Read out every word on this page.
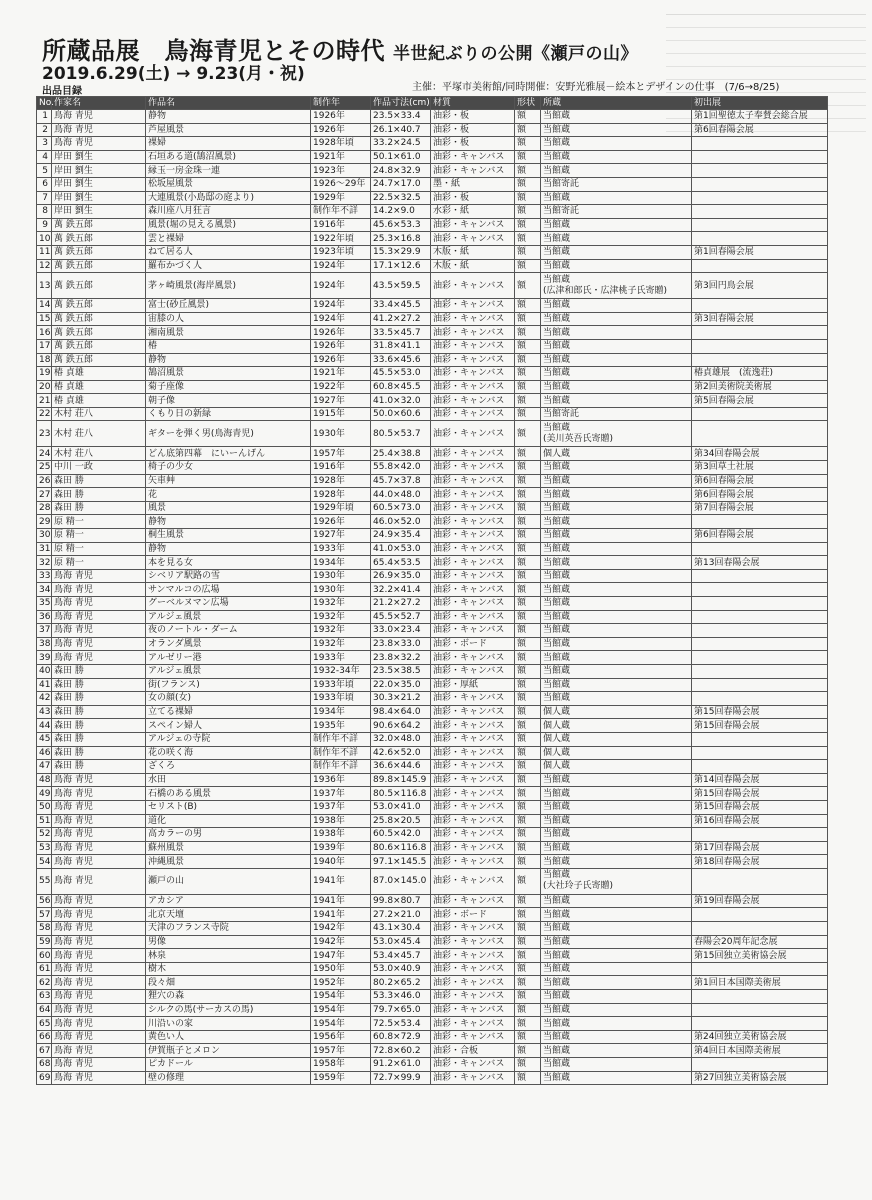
所蔵品展　鳥海青児とその時代 半世紀ぶりの公開《瀬戸の山》
2019.6.29(土) → 9.23(月・祝)
出品目録	主催：平塚市美術館/同時開催：安野光雅展－絵本とデザインの仕事　(7/6→8/25)
No.	作家名	作品名	制作年	作品寸法(cm)	材質	形状	所蔵	初出展
1	鳥海 青児	静物	1926年	23.5×33.4	油彩・板	額	当館蔵	第1回聖徳太子奉賛会総合展
2	鳥海 青児	芦屋風景	1926年	26.1×40.7	油彩・板	額	当館蔵	第6回春陽会展
3	鳥海 青児	裸婦	1928年頃	33.2×24.5	油彩・板	額	当館蔵	
4	岸田 劉生	石垣ある道(鵠沼風景)	1921年	50.1×61.0	油彩・キャンバス	額	当館蔵	
5	岸田 劉生	縁玉一房金珠一連	1923年	24.8×32.9	油彩・キャンバス	額	当館蔵	
6	岸田 劉生	松坂屋風景	1926～29年	24.7×17.0	墨・紙	額	当館寄託	
7	岸田 劉生	大連風景(小島邸の庭より)	1929年	22.5×32.5	油彩・板	額	当館蔵	
8	岸田 劉生	森川座八月狂言	制作年不詳	14.2×9.0	水彩・紙	額	当館寄託	
9	萬 鉄五郎	風景(堀の見える風景)	1916年	45.6×53.3	油彩・キャンバス	額	当館蔵	
10	萬 鉄五郎	雲と裸婦	1922年頃	25.3×16.8	油彩・キャンバス	額	当館蔵	
11	萬 鉄五郎	ねて居る人	1923年頃	15.3×29.9	木版・紙	額	当館蔵	第1回春陽会展
12	萬 鉄五郎	羅布かづく人	1924年	17.1×12.6	木版・紙	額	当館蔵	
13	萬 鉄五郎	茅ヶ崎風景(海岸風景)	1924年	43.5×59.5	油彩・キャンバス	額	当館蔵
(広津和郎氏・広津桃子氏寄贈)	第3回円鳥会展
14	萬 鉄五郎	富士(砂丘風景)	1924年	33.4×45.5	油彩・キャンバス	額	当館蔵	
15	萬 鉄五郎	宙膝の人	1924年	41.2×27.2	油彩・キャンバス	額	当館蔵	第3回春陽会展
16	萬 鉄五郎	湘南風景	1926年	33.5×45.7	油彩・キャンバス	額	当館蔵	
17	萬 鉄五郎	椿	1926年	31.8×41.1	油彩・キャンバス	額	当館蔵	
18	萬 鉄五郎	静物	1926年	33.6×45.6	油彩・キャンバス	額	当館蔵	
19	椿 貞雄	鵠沼風景	1921年	45.5×53.0	油彩・キャンバス	額	当館蔵	椿貞雄展　(流逸荘)
20	椿 貞雄	菊子座像	1922年	60.8×45.5	油彩・キャンバス	額	当館蔵	第2回美術院美術展
21	椿 貞雄	朝子像	1927年	41.0×32.0	油彩・キャンバス	額	当館蔵	第5回春陽会展
22	木村 荘八	くもり日の新緑	1915年	50.0×60.6	油彩・キャンバス	額	当館寄託	
23	木村 荘八	ギターを弾く男(鳥海青児)	1930年	80.5×53.7	油彩・キャンバス	額	当館蔵
(美川英吾氏寄贈)	

24	木村 荘八	どん底第四幕　にいーんげん	1957年	25.4×38.8	油彩・キャンバス	額	個人蔵	第34回春陽会展
25	中川 一政	椅子の少女	1916年	55.8×42.0	油彩・キャンバス	額	当館蔵	第3回草土社展
26	森田 勝	矢車艸	1928年	45.7×37.8	油彩・キャンバス	額	当館蔵	第6回春陽会展
27	森田 勝	花	1928年	44.0×48.0	油彩・キャンバス	額	当館蔵	第6回春陽会展
28	森田 勝	風景	1929年頃	60.5×73.0	油彩・キャンバス	額	当館蔵	第7回春陽会展
29	原 精一	静物	1926年	46.0×52.0	油彩・キャンバス	額	当館蔵	
30	原 精一	桐生風景	1927年	24.9×35.4	油彩・キャンバス	額	当館蔵	第6回春陽会展
31	原 精一	静物	1933年	41.0×53.0	油彩・キャンバス	額	当館蔵	
32	原 精一	本を見る女	1934年	65.4×53.5	油彩・キャンバス	額	当館蔵	第13回春陽会展
33	鳥海 青児	シベリア駅路の雪	1930年	26.9×35.0	油彩・キャンバス	額	当館蔵	
34	鳥海 青児	サンマルコの広場	1930年	32.2×41.4	油彩・キャンバス	額	当館蔵	
35	鳥海 青児	グーベルヌマン広場	1932年	21.2×27.2	油彩・キャンバス	額	当館蔵	
36	鳥海 青児	アルジェ風景	1932年	45.5×52.7	油彩・キャンバス	額	当館蔵	
37	鳥海 青児	夜のノートル・ダーム	1932年	33.0×23.4	油彩・キャンバス	額	当館蔵	
38	鳥海 青児	オランダ風景	1932年	23.8×33.0	油彩・ボード	額	当館蔵	
39	鳥海 青児	アルゼリー港	1933年	23.8×32.2	油彩・キャンバス	額	当館蔵	
40	森田 勝	アルジェ風景	1932-34年	23.5×38.5	油彩・キャンバス	額	当館蔵	
41	森田 勝	街(フランス)	1933年頃	22.0×35.0	油彩・厚紙	額	当館蔵	
42	森田 勝	女の顔(女)	1933年頃	30.3×21.2	油彩・キャンバス	額	当館蔵	
43	森田 勝	立てる裸婦	1934年	98.4×64.0	油彩・キャンバス	額	個人蔵	第15回春陽会展
44	森田 勝	スペイン婦人	1935年	90.6×64.2	油彩・キャンバス	額	個人蔵	第15回春陽会展
45	森田 勝	アルジェの寺院	制作年不詳	32.0×48.0	油彩・キャンバス	額	個人蔵	
46	森田 勝	花の咲く海	制作年不詳	42.6×52.0	油彩・キャンバス	額	個人蔵	
47	森田 勝	ざくろ	制作年不詳	36.6×44.6	油彩・キャンバス	額	個人蔵	
48	鳥海 青児	水田	1936年	89.8×145.9	油彩・キャンバス	額	当館蔵	第14回春陽会展
49	鳥海 青児	石橋のある風景	1937年	80.5×116.8	油彩・キャンバス	額	当館蔵	第15回春陽会展
50	鳥海 青児	セリスト(B)	1937年	53.0×41.0	油彩・キャンバス	額	当館蔵	第15回春陽会展
51	鳥海 青児	道化	1938年	25.8×20.5	油彩・キャンバス	額	当館蔵	第16回春陽会展
52	鳥海 青児	高カラーの男	1938年	60.5×42.0	油彩・キャンバス	額	当館蔵	
53	鳥海 青児	蘇州風景	1939年	80.6×116.8	油彩・キャンバス	額	当館蔵	第17回春陽会展
54	鳥海 青児	沖縄風景	1940年	97.1×145.5	油彩・キャンバス	額	当館蔵	第18回春陽会展
55	鳥海 青児	瀬戸の山	1941年	87.0×145.0	油彩・キャンバス	額	当館蔵
(大社玲子氏寄贈)	

56	鳥海 青児	アカシア	1941年	99.8×80.7	油彩・キャンバス	額	当館蔵	第19回春陽会展
57	鳥海 青児	北京天壇	1941年	27.2×21.0	油彩・ボード	額	当館蔵	
58	鳥海 青児	天津のフランス寺院	1942年	43.1×30.4	油彩・キャンバス	額	当館蔵	
59	鳥海 青児	男像	1942年	53.0×45.4	油彩・キャンバス	額	当館蔵	春陽会20周年記念展
60	鳥海 青児	林泉	1947年	53.4×45.7	油彩・キャンバス	額	当館蔵	第15回独立美術協会展
61	鳥海 青児	樹木	1950年	53.0×40.9	油彩・キャンバス	額	当館蔵	
62	鳥海 青児	段々畑	1952年	80.2×65.2	油彩・キャンバス	額	当館蔵	第1回日本国際美術展
63	鳥海 青児	狸穴の森	1954年	53.3×46.0	油彩・キャンバス	額	当館蔵	
64	鳥海 青児	シルクの馬(サーカスの馬)	1954年	79.7×65.0	油彩・キャンバス	額	当館蔵	
65	鳥海 青児	川沿いの家	1954年	72.5×53.4	油彩・キャンバス	額	当館蔵	
66	鳥海 青児	黄色い人	1956年	60.8×72.9	油彩・キャンバス	額	当館蔵	第24回独立美術協会展
67	鳥海 青児	伊賀瓶子とメロン	1957年	72.8×60.2	油彩・合板	額	当館蔵	第4回日本国際美術展
68	鳥海 青児	ピカドール	1958年	91.2×61.0	油彩・キャンバス	額	当館蔵	
69	鳥海 青児	壁の修理	1959年	72.7×99.9	油彩・キャンバス	額	当館蔵	第27回独立美術協会展
